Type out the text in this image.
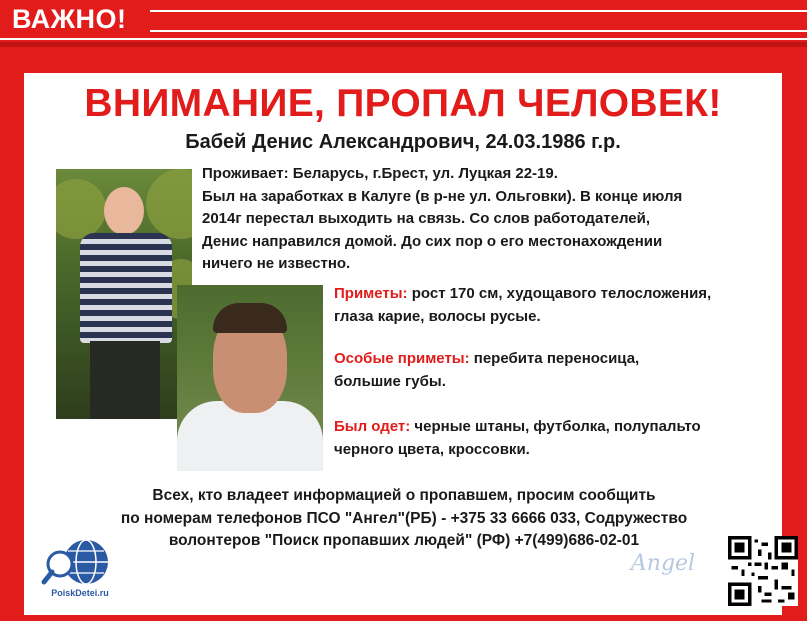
ВАЖНО!
ВНИМАНИЕ, ПРОПАЛ ЧЕЛОВЕК!
Бабей Денис Александрович, 24.03.1986 г.р.
Проживает: Беларусь, г.Брест, ул. Луцкая 22-19.
Был на заработках в Калуге (в р-не ул. Ольговки). В конце июля
2014г перестал выходить на связь. Со слов работодателей,
Денис направился домой. До сих пор о его местонахождении
ничего не известно.
Приметы: рост 170 см, худощавого телосложения,
глаза карие, волосы русые.
Особые приметы: перебита переносица,
большие губы.
Был одет: черные штаны, футболка, полупальто
черного цвета, кроссовки.
Всех, кто владеет информацией о пропавшем, просим сообщить
по номерам телефонов ПСО "Ангел"(РБ) - +375 33 6666 033, Содружество
волонтеров "Поиск пропавших людей" (РФ) +7(499)686-02-01
PoiskDetei.ru
Angel
